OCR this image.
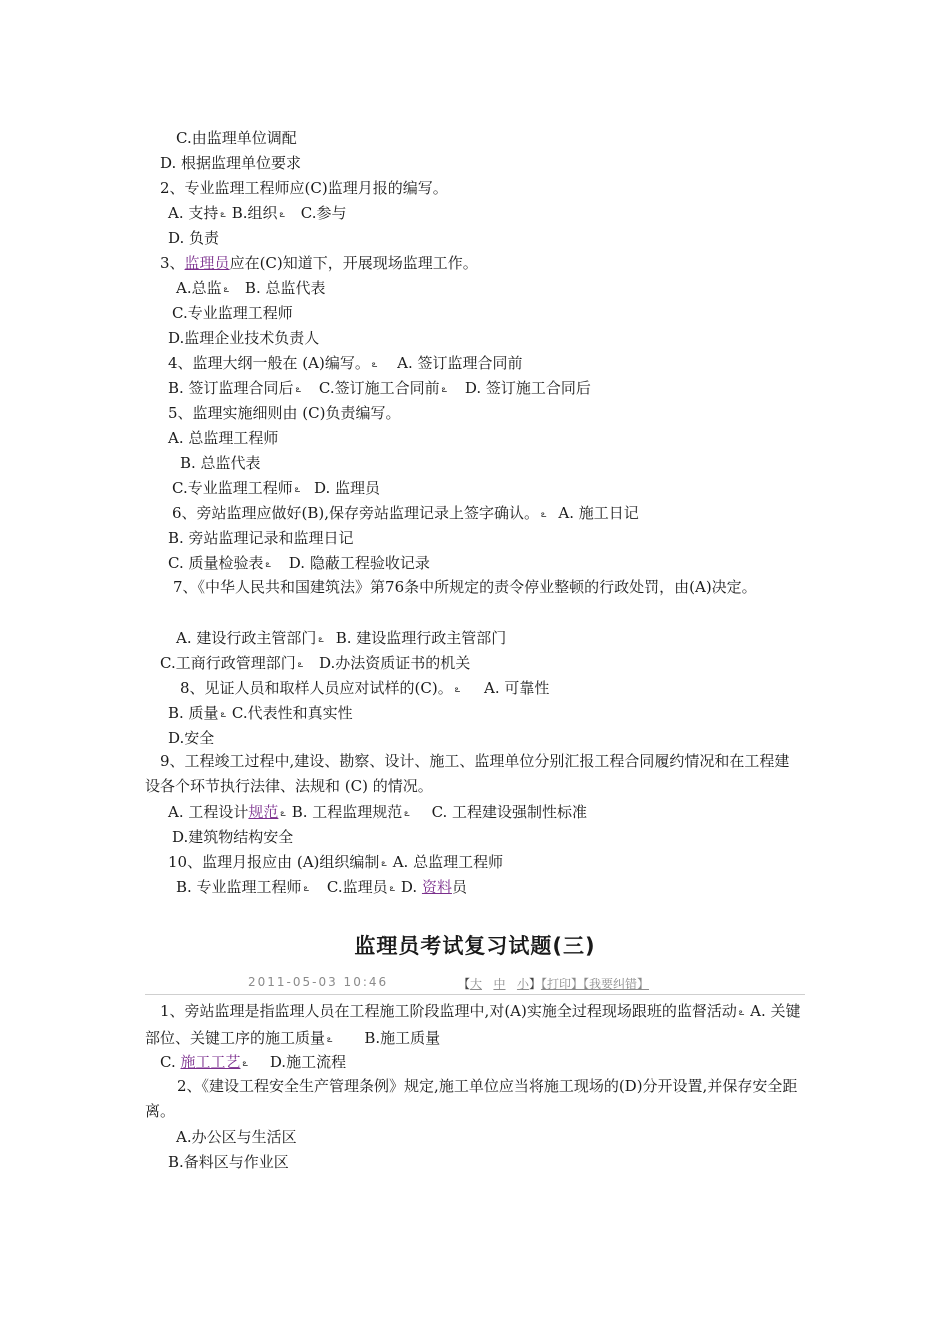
C.由监理单位调配
D. 根据监理单位要求
2、专业监理工程师应(C)监理月报的编写。
A. 支持 ఽ B.组织 ఽ C.参与
D. 负责
3、监理员应在(C)知道下，开展现场监理工作。
A.总监 ఽ B. 总监代表
C.专业监理工程师
D.监理企业技术负责人
4、监理大纲一般在 (A)编写。 ఽ A. 签订监理合同前
B. 签订监理合同后 ఽ C.签订施工合同前 ఽ D. 签订施工合同后
5、监理实施细则由 (C)负责编写。
A. 总监理工程师
B. 总监代表
C.专业监理工程师 ఽ D. 监理员
6、旁站监理应做好(B),保存旁站监理记录上签字确认。 ఽ A. 施工日记
B. 旁站监理记录和监理日记
C. 质量检验表 ఽ D. 隐蔽工程验收记录
7、《中华人民共和国建筑法》第76条中所规定的责令停业整顿的行政处罚，由(A)决定。
A. 建设行政主管部门 ఽ B. 建设监理行政主管部门
C.工商行政管理部门 ఽ D.办法资质证书的机关
8、见证人员和取样人员应对试样的(C)。 ఽ A. 可靠性
B. 质量 ఽ C.代表性和真实性
D.安全
9、工程竣工过程中,建设、勘察、设计、施工、监理单位分别汇报工程合同履约情况和在工程建设各个环节执行法律、法规和 (C) 的情况。
A. 工程设计规范 ఽ B. 工程监理规范 ఽ C. 工程建设强制性标准
D.建筑物结构安全
10、监理月报应由 (A)组织编制 ఽ A. 总监理工程师
B. 专业监理工程师 ఽ C.监理员 ఽ D. 资料员
监理员考试复习试题(三)
2011-05-03 10:46	【大 中 小】【打印】【我要纠错】
1、旁站监理是指监理人员在工程施工阶段监理中,对(A)实施全过程现场跟班的监督活动 ఽ A. 关键部位、关键工序的施工质量 ఽ B.施工质量
C. 施工工艺 ఽ D.施工流程
2、《建设工程安全生产管理条例》规定,施工单位应当将施工现场的(D)分开设置,并保存安全距离。
A.办公区与生活区
B.备料区与作业区
